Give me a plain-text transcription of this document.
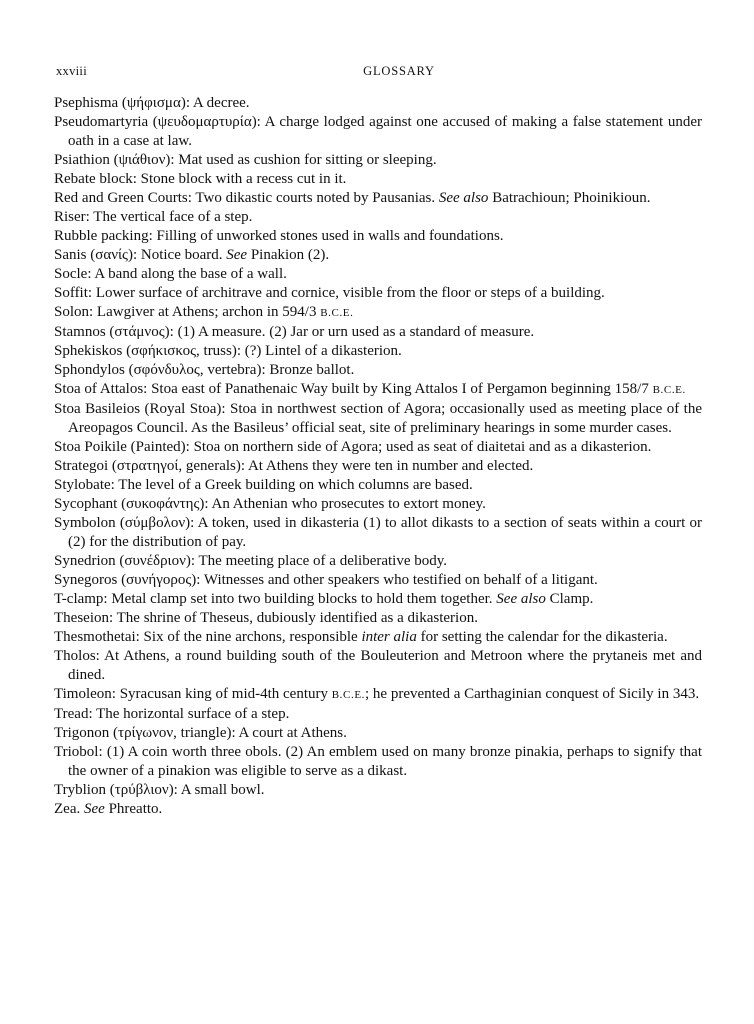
xxviii	GLOSSARY
Psephisma (ψήφισμα): A decree.
Pseudomartyria (ψευδομαρτυρία): A charge lodged against one accused of making a false statement under oath in a case at law.
Psiathion (ψιάθιον): Mat used as cushion for sitting or sleeping.
Rebate block: Stone block with a recess cut in it.
Red and Green Courts: Two dikastic courts noted by Pausanias. See also Batrachioun; Phoinikioun.
Riser: The vertical face of a step.
Rubble packing: Filling of unworked stones used in walls and foundations.
Sanis (σανίς): Notice board. See Pinakion (2).
Socle: A band along the base of a wall.
Soffit: Lower surface of architrave and cornice, visible from the floor or steps of a building.
Solon: Lawgiver at Athens; archon in 594/3 B.C.E.
Stamnos (στάμνος): (1) A measure. (2) Jar or urn used as a standard of measure.
Sphekiskos (σφήκισκος, truss): (?) Lintel of a dikasterion.
Sphondylos (σφόνδυλος, vertebra): Bronze ballot.
Stoa of Attalos: Stoa east of Panathenaic Way built by King Attalos I of Pergamon beginning 158/7 B.C.E.
Stoa Basileios (Royal Stoa): Stoa in northwest section of Agora; occasionally used as meeting place of the Areopagos Council. As the Basileus’ official seat, site of preliminary hearings in some murder cases.
Stoa Poikile (Painted): Stoa on northern side of Agora; used as seat of diaitetai and as a dikasterion.
Strategoi (στρατηγοί, generals): At Athens they were ten in number and elected.
Stylobate: The level of a Greek building on which columns are based.
Sycophant (συκοφάντης): An Athenian who prosecutes to extort money.
Symbolon (σύμβολον): A token, used in dikasteria (1) to allot dikasts to a section of seats within a court or (2) for the distribution of pay.
Synedrion (συνέδριον): The meeting place of a deliberative body.
Synegoros (συνήγορος): Witnesses and other speakers who testified on behalf of a litigant.
T-clamp: Metal clamp set into two building blocks to hold them together. See also Clamp.
Theseion: The shrine of Theseus, dubiously identified as a dikasterion.
Thesmothetai: Six of the nine archons, responsible inter alia for setting the calendar for the dikasteria.
Tholos: At Athens, a round building south of the Bouleuterion and Metroon where the prytaneis met and dined.
Timoleon: Syracusan king of mid-4th century B.C.E.; he prevented a Carthaginian conquest of Sicily in 343.
Tread: The horizontal surface of a step.
Trigonon (τρίγωνον, triangle): A court at Athens.
Triobol: (1) A coin worth three obols. (2) An emblem used on many bronze pinakia, perhaps to signify that the owner of a pinakion was eligible to serve as a dikast.
Tryblion (τρύβλιον): A small bowl.
Zea. See Phreatto.
